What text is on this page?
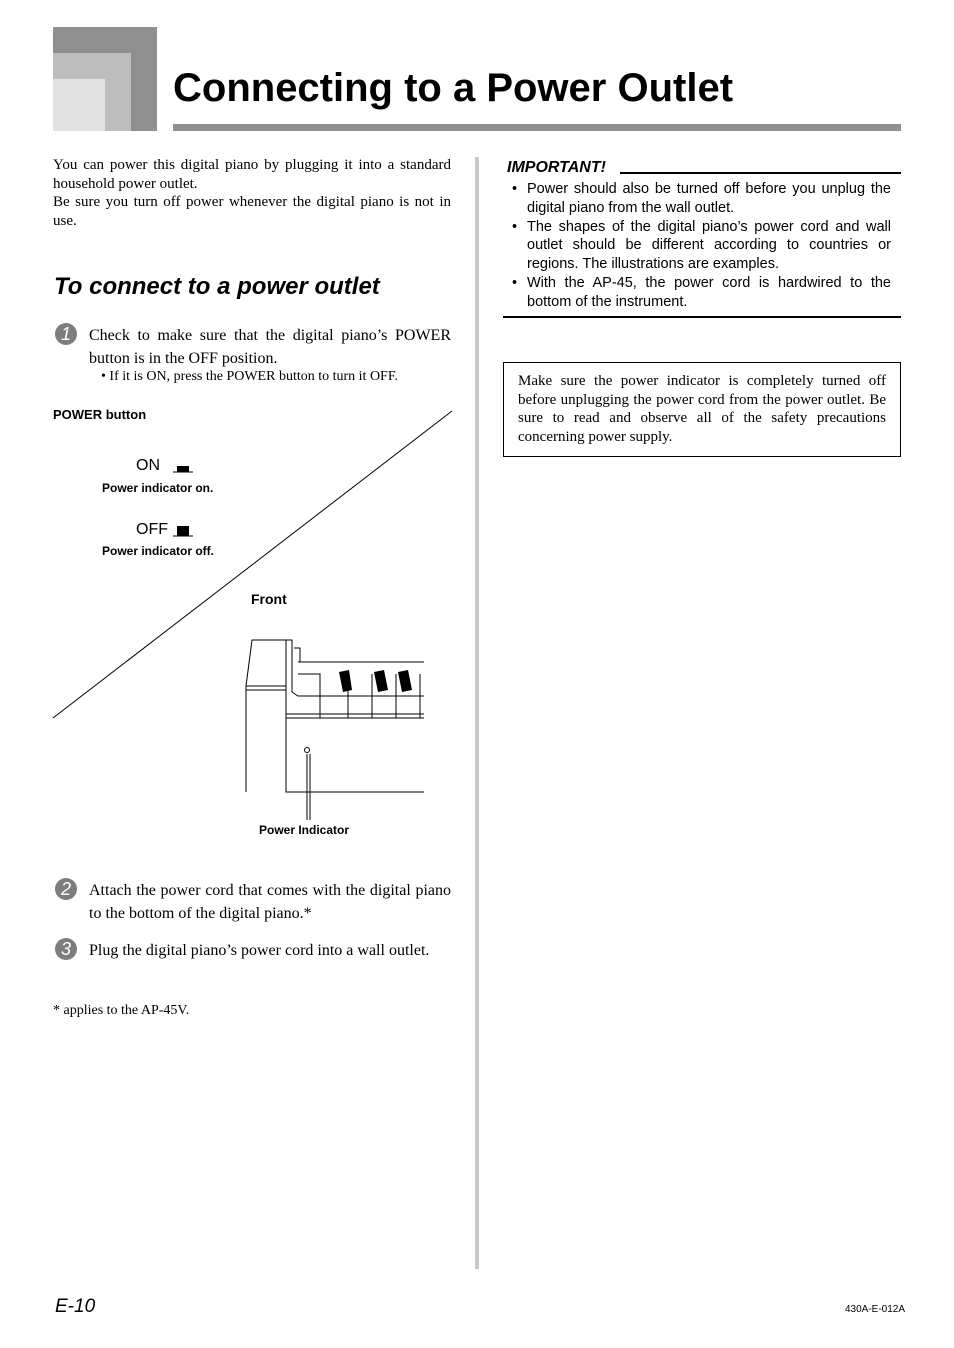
Connecting to a Power Outlet

You can power this digital piano by plugging it into a standard household power outlet.

Be sure you turn off power whenever the digital piano is not in use.

To connect to a power outlet
1	Check to make sure that the digital piano’s POWER button is in the OFF position.
• If it is ON, press the POWER button to turn it OFF.
POWER button
ON
Power indicator on.
OFF
Power indicator off.
Front
Power Indicator
2	Attach the power cord that comes with the digital piano to the bottom of the digital piano.*
3	Plug the digital piano’s power cord into a wall outlet.
* applies to the AP-45V.
IMPORTANT!
• Power should also be turned off before you unplug the digital piano from the wall outlet.
• The shapes of the digital piano’s power cord and wall outlet should be different according to countries or regions. The illustrations are examples.
• With the AP-45, the power cord is hardwired to the bottom of the instrument.
Make sure the power indicator is completely turned off before unplugging the power cord from the power outlet. Be sure to read and observe all of the safety precautions concerning power supply.
E-10	430A-E-012A
